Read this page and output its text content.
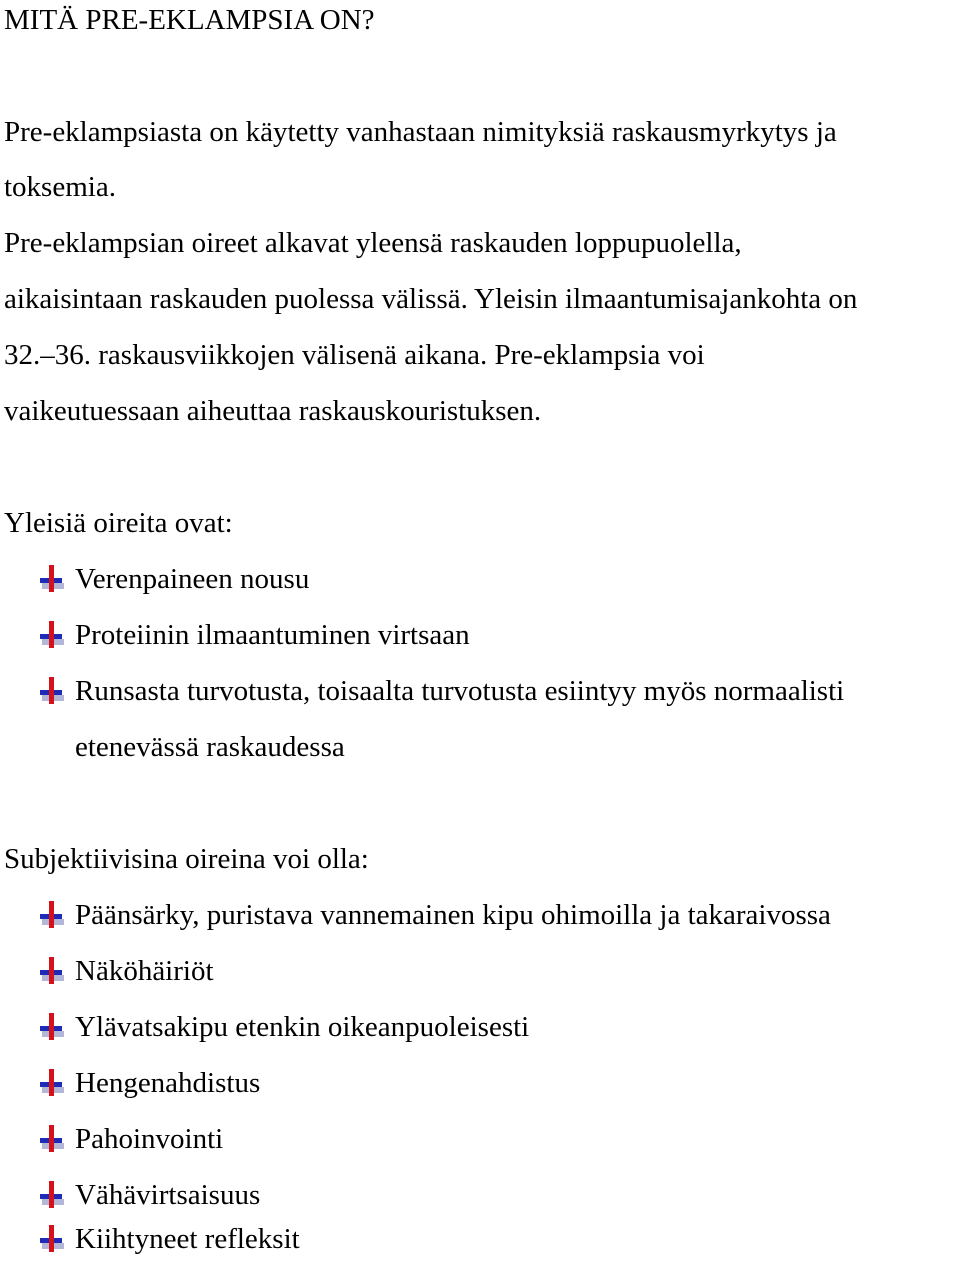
MITÄ PRE-EKLAMPSIA ON?
Pre-eklampsiasta on käytetty vanhastaan nimityksiä raskausmyrkytys ja
toksemia.
Pre-eklampsian oireet alkavat yleensä raskauden loppupuolella,
aikaisintaan raskauden puolessa välissä. Yleisin ilmaantumisajankohta on
32.–36. raskausviikkojen välisenä aikana. Pre-eklampsia voi
vaikeutuessaan aiheuttaa raskauskouristuksen.
Yleisiä oireita ovat:
Verenpaineen nousu
Proteiinin ilmaantuminen virtsaan
Runsasta turvotusta, toisaalta turvotusta esiintyy myös normaalisti
etenevässä raskaudessa
Subjektiivisina oireina voi olla:
Päänsärky, puristava vannemainen kipu ohimoilla ja takaraivossa
Näköhäiriöt
Ylävatsakipu etenkin oikeanpuoleisesti
Hengenahdistus
Pahoinvointi
Vähävirtsaisuus
Kiihtyneet refleksit
